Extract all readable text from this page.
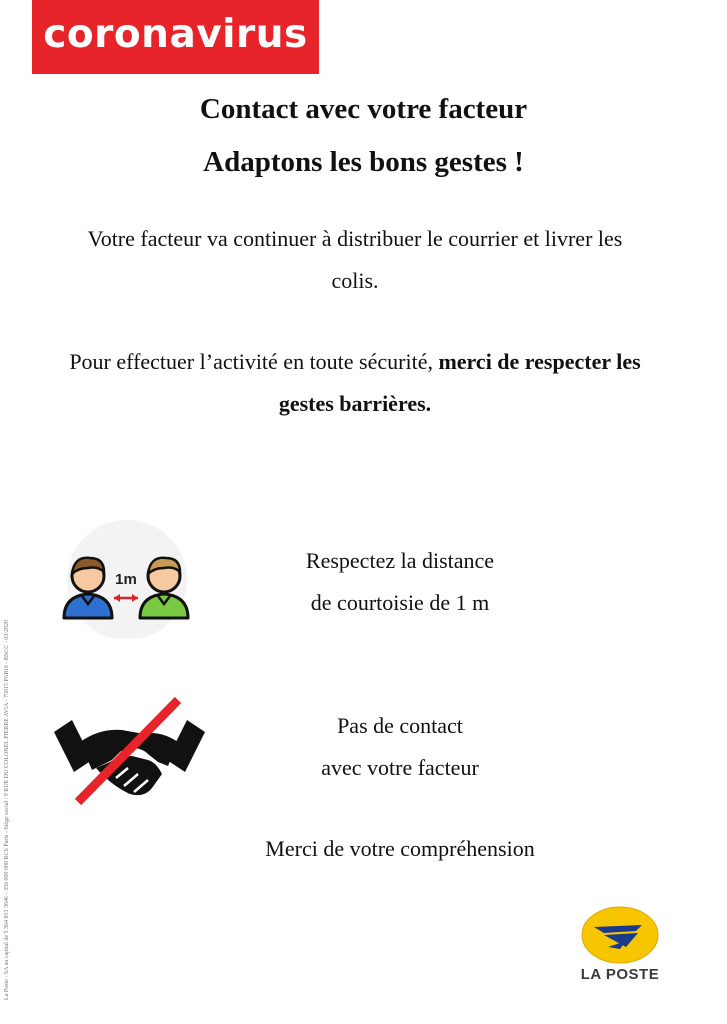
coronavirus
Contact avec votre facteur
Adaptons les bons gestes !
Votre facteur va continuer à distribuer le courrier et livrer les
colis.
Pour effectuer l’activité en toute sécurité, merci de respecter les
gestes barrières.
1m
Respectez la distance
de courtoisie de 1 m
Pas de contact
avec votre facteur
Merci de votre compréhension
La Poste - SA au capital de 5 364 851 364€ - 356 000 000 RCS Paris - Siège social : 9 RUE DU COLONEL PIERRE AVIA - 75015 PARIS - BSCC - 03/2020	LA POSTE
